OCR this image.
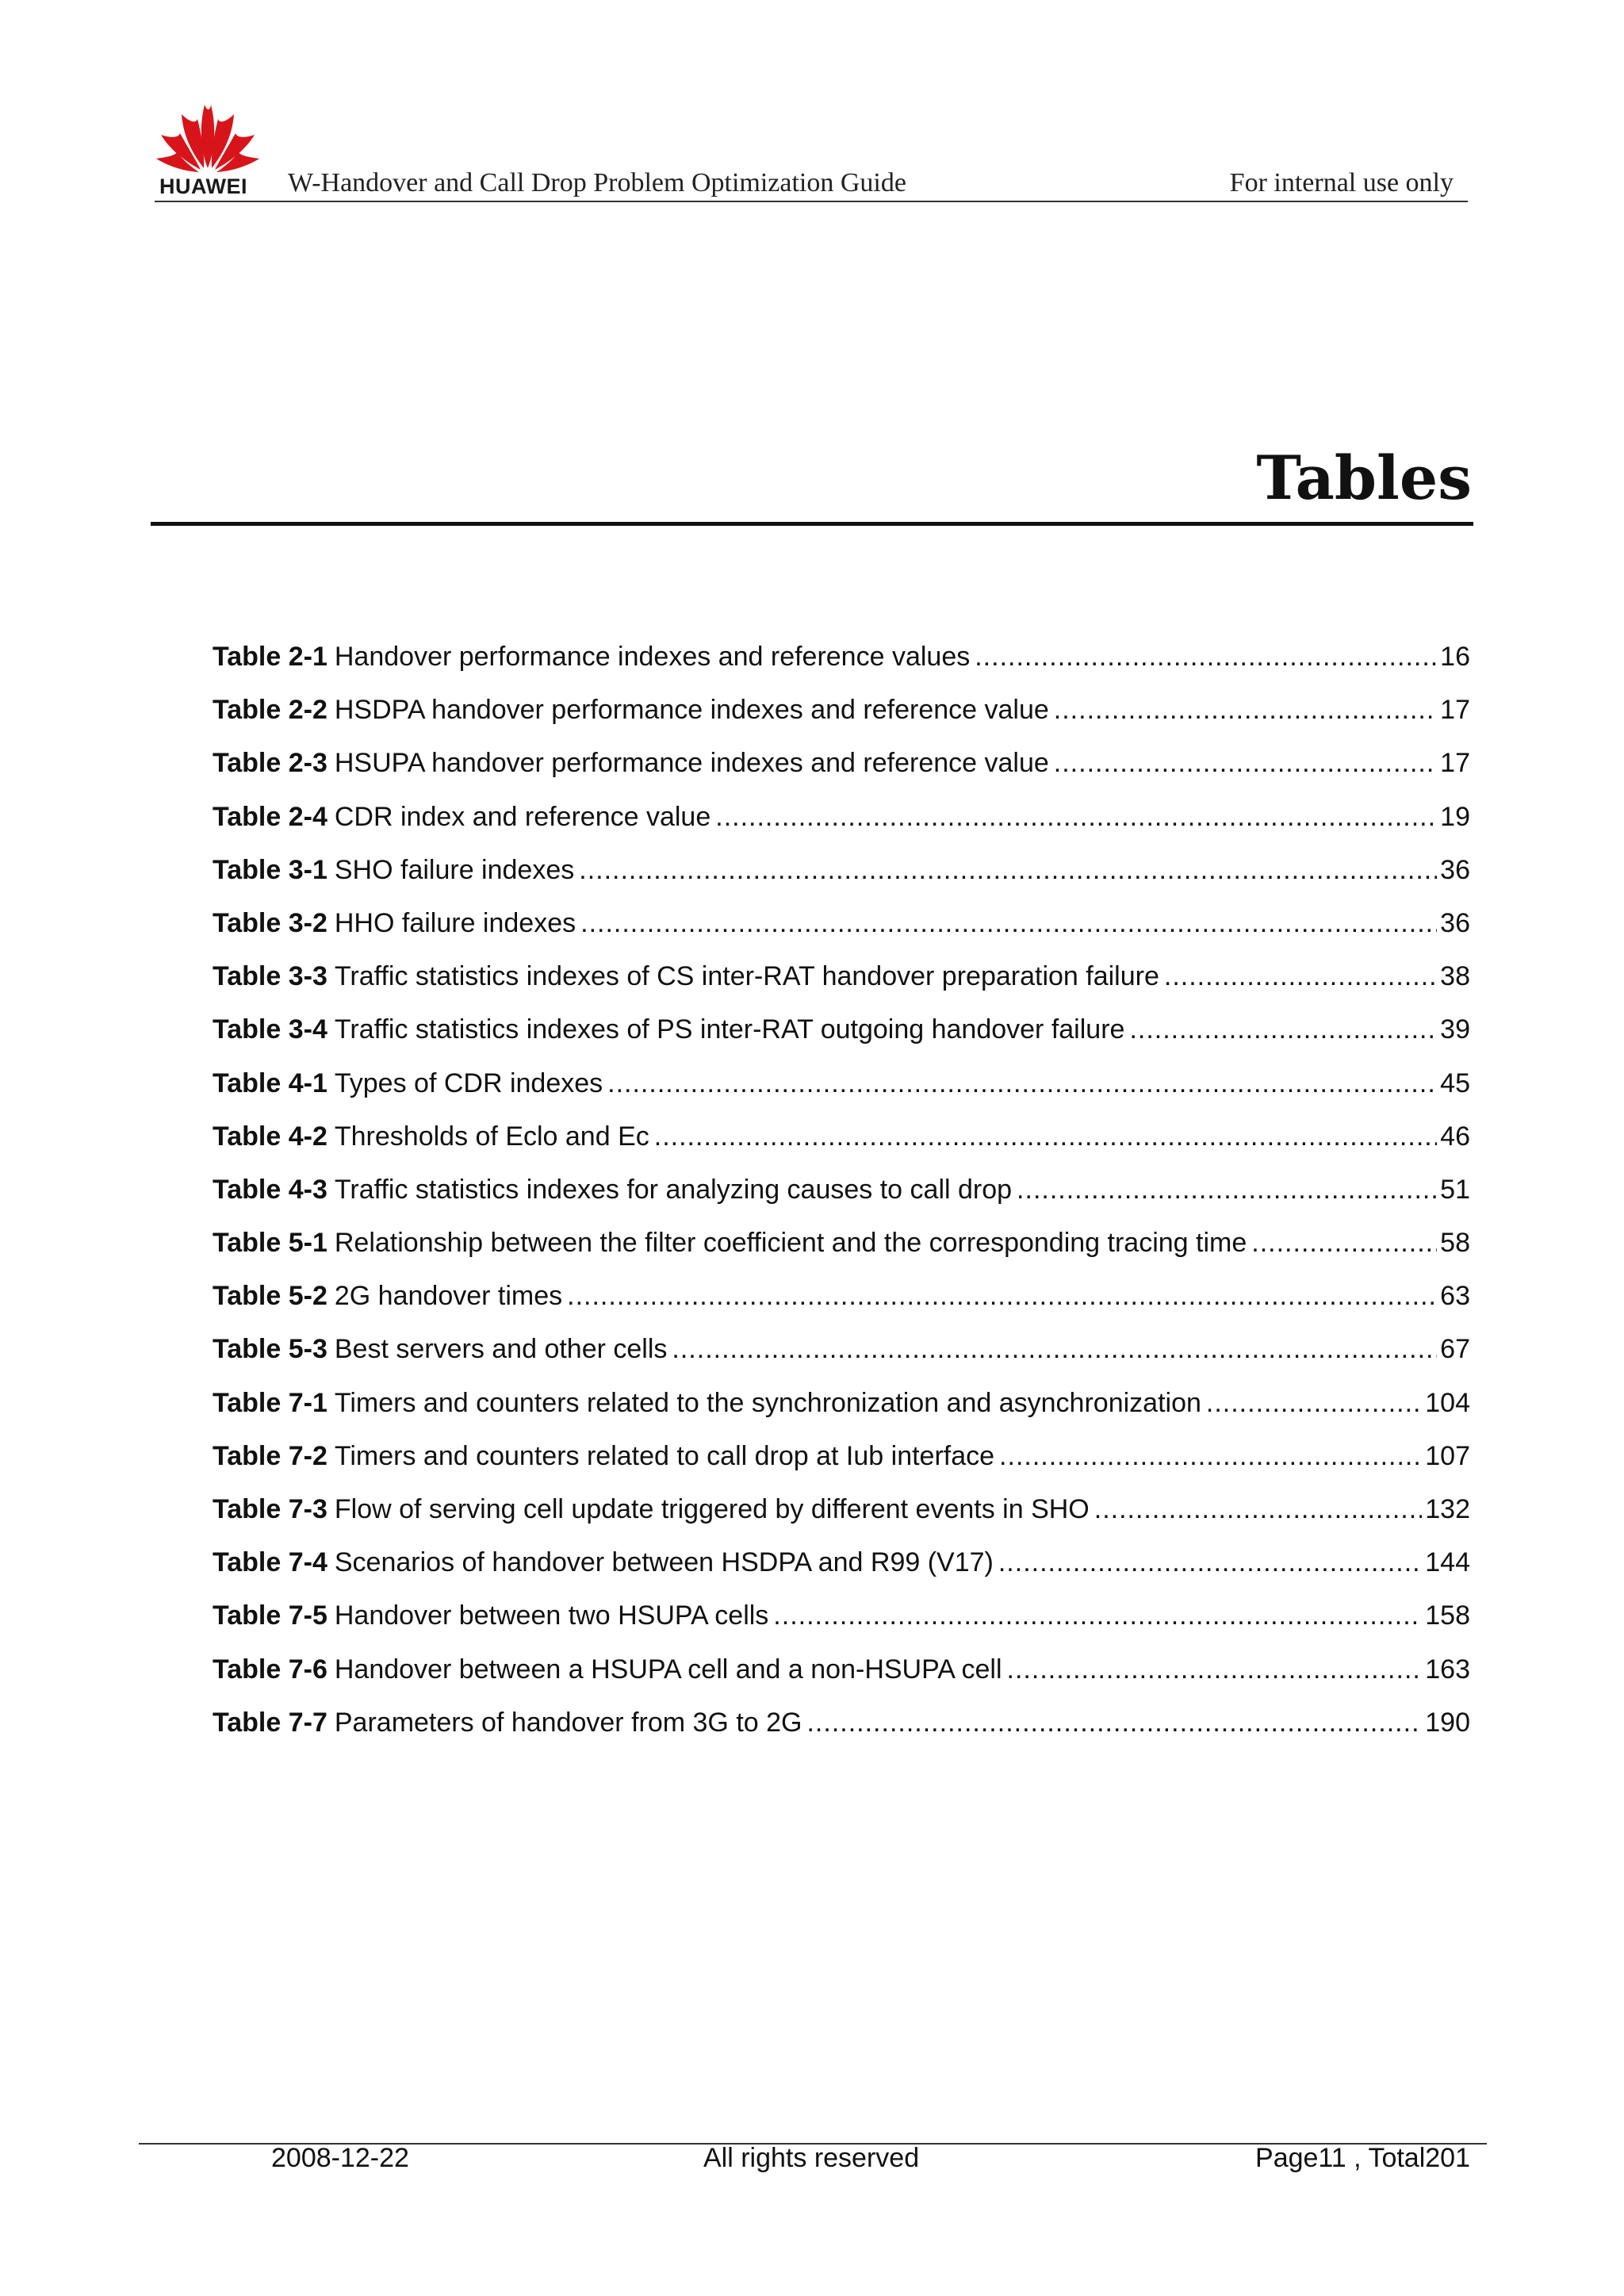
HUAWEI W-Handover and Call Drop Problem Optimization Guide	For internal use only
Tables
Table 2-1 Handover performance indexes and reference values .....	16
Table 2-2 HSDPA handover performance indexes and reference value .....	17
Table 2-3 HSUPA handover performance indexes and reference value .....	17
Table 2-4 CDR index and reference value .....	19
Table 3-1 SHO failure indexes .....	36
Table 3-2 HHO failure indexes .....	36
Table 3-3 Traffic statistics indexes of CS inter-RAT handover preparation failure .....	38
Table 3-4 Traffic statistics indexes of PS inter-RAT outgoing handover failure .....	39
Table 4-1 Types of CDR indexes .....	45
Table 4-2 Thresholds of Eclo and Ec .....	46
Table 4-3 Traffic statistics indexes for analyzing causes to call drop .....	51
Table 5-1 Relationship between the filter coefficient and the corresponding tracing time .....	58
Table 5-2 2G handover times .....	63
Table 5-3 Best servers and other cells .....	67
Table 7-1 Timers and counters related to the synchronization and asynchronization .....	104
Table 7-2 Timers and counters related to call drop at Iub interface .....	107
Table 7-3 Flow of serving cell update triggered by different events in SHO .....	132
Table 7-4 Scenarios of handover between HSDPA and R99 (V17) .....	144
Table 7-5 Handover between two HSUPA cells .....	158
Table 7-6 Handover between a HSUPA cell and a non-HSUPA cell .....	163
Table 7-7 Parameters of handover from 3G to 2G .....	190
2008-12-22	All rights reserved	Page11 , Total201
